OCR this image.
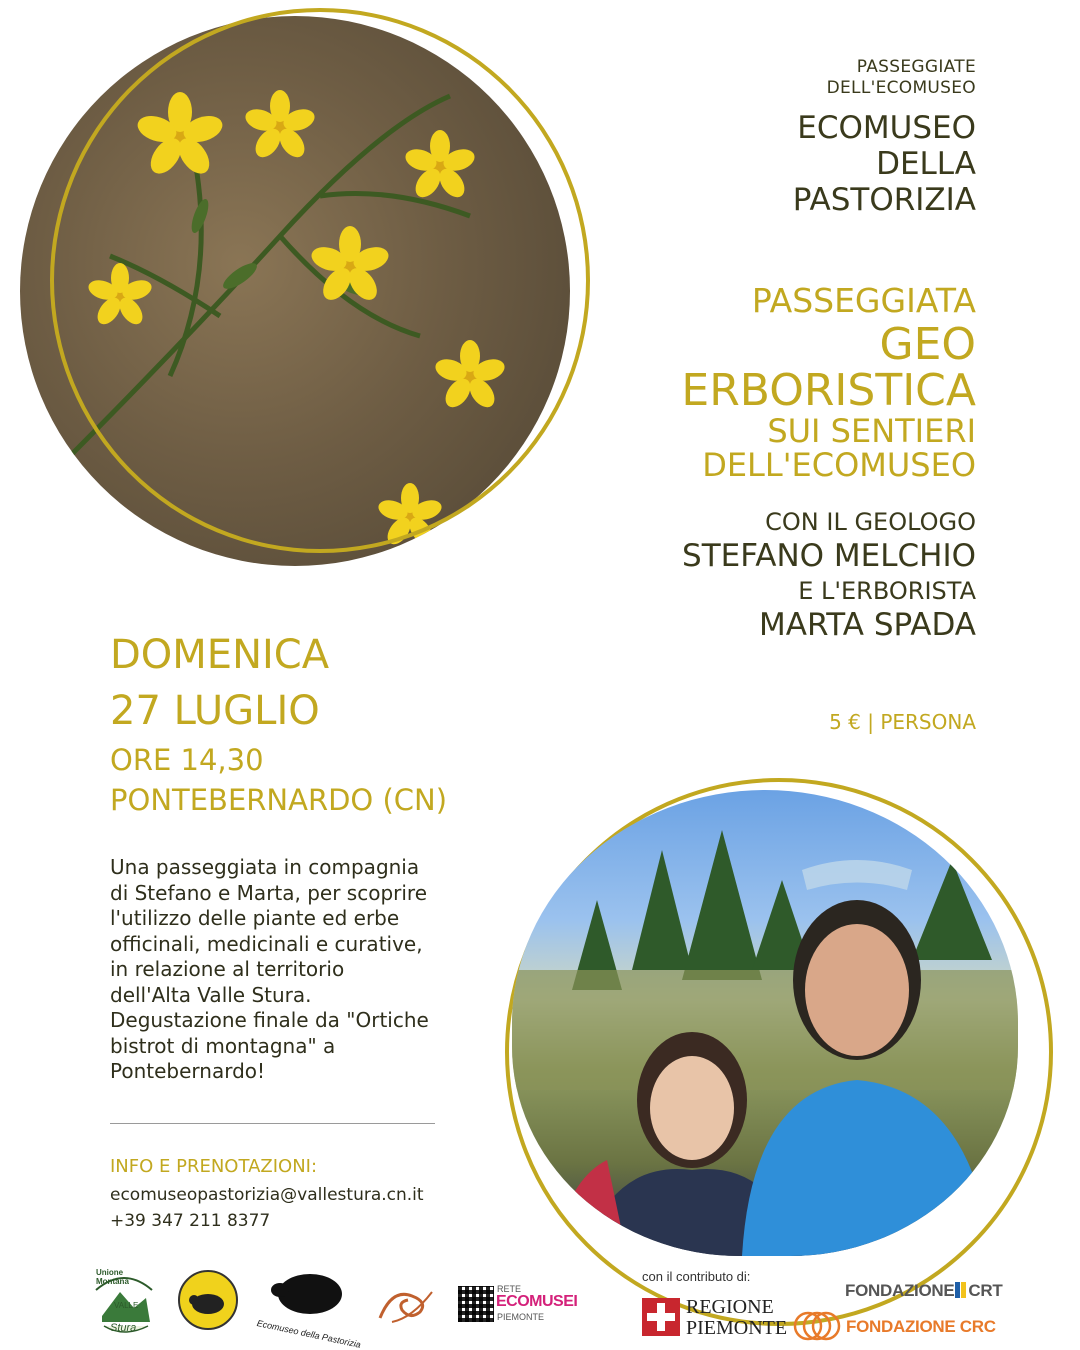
PASSEGGIATE
DELL'ECOMUSEO
ECOMUSEO
DELLA
PASTORIZIA
PASSEGGIATA
GEO
ERBORISTICA
SUI SENTIERI
DELL'ECOMUSEO
CON IL GEOLOGO
STEFANO MELCHIO
E L'ERBORISTA
MARTA SPADA
5 € | PERSONA
DOMENICA
27 LUGLIO
ORE 14,30
PONTEBERNARDO (CN)
Una passeggiata in compagnia
di Stefano e Marta, per scoprire
l'utilizzo delle piante ed erbe
officinali, medicinali e curative,
in relazione al territorio
dell'Alta Valle Stura.
Degustazione finale da "Ortiche
bistrot di montagna" a
Pontebernardo!
INFO E PRENOTAZIONI:
ecomuseopastorizia@vallestura.cn.it
+39 347 211 8377
Unione Montana
VALLE
Stura	Ecomuseo della Pastorizia
RETE
ECOMUSEI
PIEMONTE
con il contributo di:
REGIONE
PIEMONTE
FONDAZIONE CRT
FONDAZIONE CRC
